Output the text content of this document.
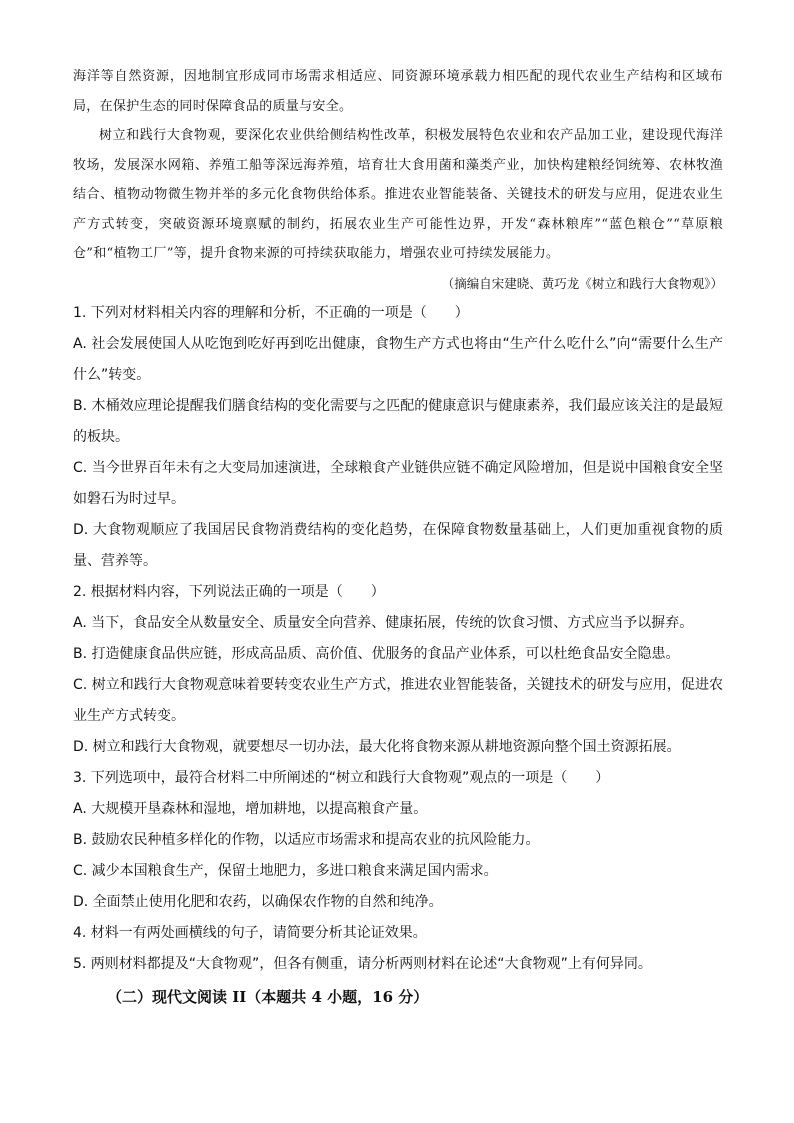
海洋等自然资源，因地制宜形成同市场需求相适应、同资源环境承载力相匹配的现代农业生产结构和区域布局，在保护生态的同时保障食品的质量与安全。

树立和践行大食物观，要深化农业供给侧结构性改革，积极发展特色农业和农产品加工业，建设现代海洋牧场，发展深水网箱、养殖工船等深远海养殖，培育壮大食用菌和藻类产业，加快构建粮经饲统筹、农林牧渔结合、植物动物微生物并举的多元化食物供给体系。推进农业智能装备、关键技术的研发与应用，促进农业生产方式转变，突破资源环境禀赋的制约，拓展农业生产可能性边界，开发“森林粮库”“蓝色粮仓”“草原粮仓”和“植物工厂”等，提升食物来源的可持续获取能力，增强农业可持续发展能力。

（摘编自宋建晓、黄巧龙《树立和践行大食物观》）

1. 下列对材料相关内容的理解和分析，不正确的一项是（　　）

A. 社会发展使国人从吃饱到吃好再到吃出健康，食物生产方式也将由“生产什么吃什么”向“需要什么生产什么”转变。

B. 木桶效应理论提醒我们膳食结构的变化需要与之匹配的健康意识与健康素养，我们最应该关注的是最短的板块。

C. 当今世界百年未有之大变局加速演进，全球粮食产业链供应链不确定风险增加，但是说中国粮食安全坚如磐石为时过早。

D. 大食物观顺应了我国居民食物消费结构的变化趋势，在保障食物数量基础上，人们更加重视食物的质量、营养等。

2. 根据材料内容，下列说法正确的一项是（　　）

A. 当下，食品安全从数量安全、质量安全向营养、健康拓展，传统的饮食习惯、方式应当予以摒弃。

B. 打造健康食品供应链，形成高品质、高价值、优服务的食品产业体系，可以杜绝食品安全隐患。

C. 树立和践行大食物观意味着要转变农业生产方式，推进农业智能装备，关键技术的研发与应用，促进农业生产方式转变。

D. 树立和践行大食物观，就要想尽一切办法，最大化将食物来源从耕地资源向整个国土资源拓展。

3. 下列选项中，最符合材料二中所阐述的“树立和践行大食物观”观点的一项是（　　）

A. 大规模开垦森林和湿地，增加耕地，以提高粮食产量。

B. 鼓励农民种植多样化的作物，以适应市场需求和提高农业的抗风险能力。

C. 减少本国粮食生产，保留土地肥力，多进口粮食来满足国内需求。

D. 全面禁止使用化肥和农药，以确保农作物的自然和纯净。

4. 材料一有两处画横线的句子，请简要分析其论证效果。

5. 两则材料都提及“大食物观”，但各有侧重，请分析两则材料在论述“大食物观”上有何异同。

（二）现代文阅读 II（本题共 4 小题，16 分）
